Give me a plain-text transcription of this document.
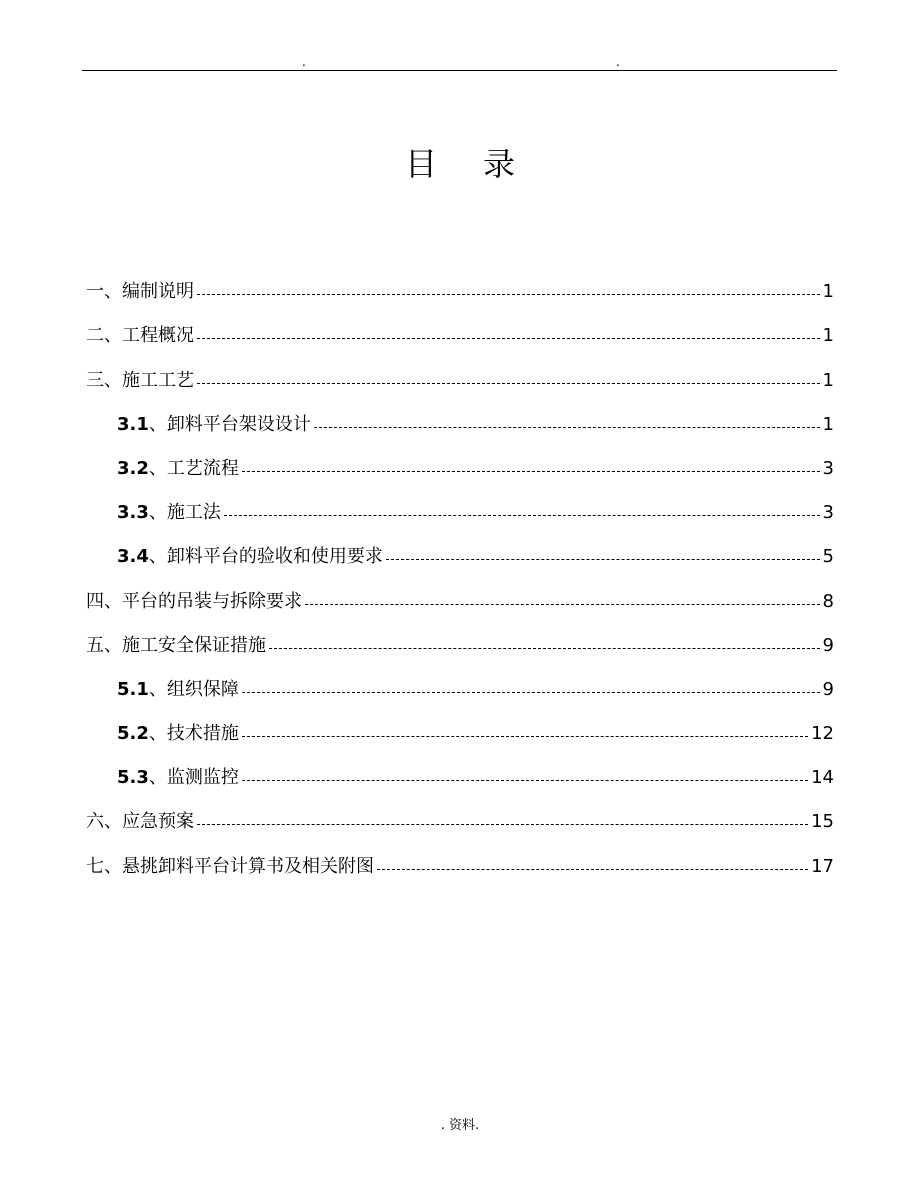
.	.
目录
一、编制说明	1
二、工程概况	1
三、施工工艺	1
3.1、卸料平台架设设计	1
3.2、工艺流程	3
3.3、施工法	3
3.4、卸料平台的验收和使用要求	5
四、平台的吊装与拆除要求	8
五、施工安全保证措施	9
5.1、组织保障	9
5.2、技术措施	12
5.3、监测监控	14
六、应急预案	15
七、悬挑卸料平台计算书及相关附图	17
. 资料.
